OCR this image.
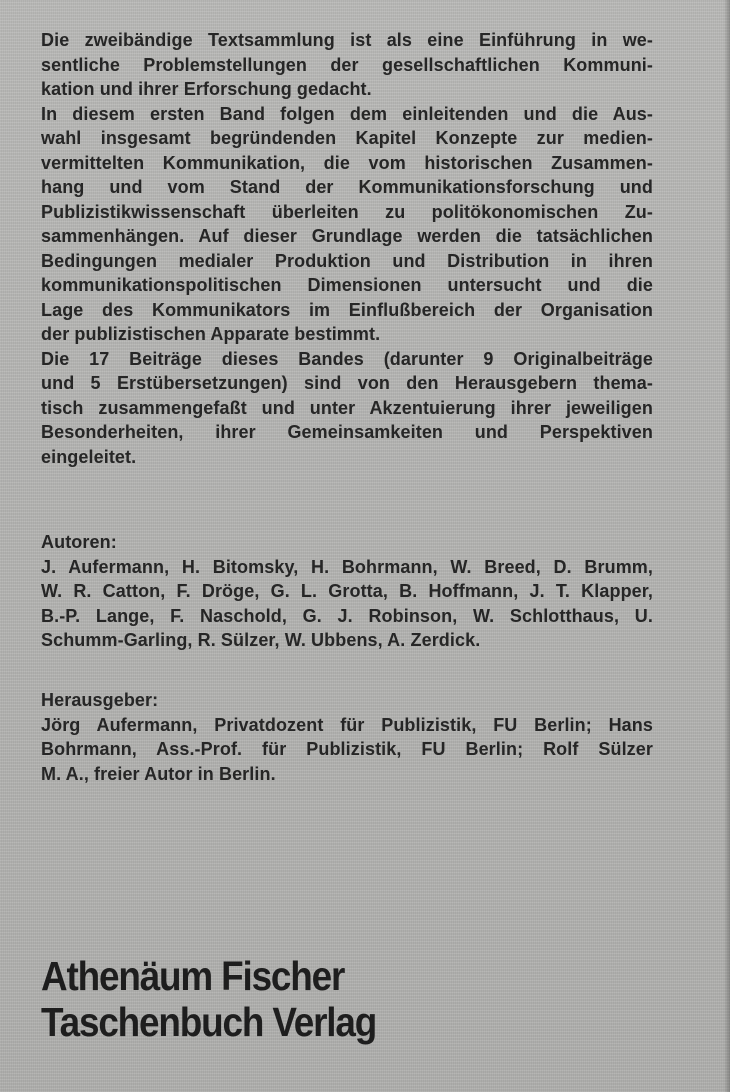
Die zweibändige Textsammlung ist als eine Einführung in we-
sentliche Problemstellungen der gesellschaftlichen Kommuni-
kation und ihrer Erforschung gedacht.
In diesem ersten Band folgen dem einleitenden und die Aus-
wahl insgesamt begründenden Kapitel Konzepte zur medien-
vermittelten Kommunikation, die vom historischen Zusammen-
hang und vom Stand der Kommunikationsforschung und
Publizistikwissenschaft überleiten zu politökonomischen Zu-
sammenhängen. Auf dieser Grundlage werden die tatsächlichen
Bedingungen medialer Produktion und Distribution in ihren
kommunikationspolitischen Dimensionen untersucht und die
Lage des Kommunikators im Einflußbereich der Organisation
der publizistischen Apparate bestimmt.
Die 17 Beiträge dieses Bandes (darunter 9 Originalbeiträge
und 5 Erstübersetzungen) sind von den Herausgebern thema-
tisch zusammengefaßt und unter Akzentuierung ihrer jeweiligen
Besonderheiten, ihrer Gemeinsamkeiten und Perspektiven
eingeleitet.
Autoren:
J. Aufermann, H. Bitomsky, H. Bohrmann, W. Breed, D. Brumm,
W. R. Catton, F. Dröge, G. L. Grotta, B. Hoffmann, J. T. Klapper,
B.-P. Lange, F. Naschold, G. J. Robinson, W. Schlotthaus, U.
Schumm-Garling, R. Sülzer, W. Ubbens, A. Zerdick.
Herausgeber:
Jörg Aufermann, Privatdozent für Publizistik, FU Berlin; Hans
Bohrmann, Ass.-Prof. für Publizistik, FU Berlin; Rolf Sülzer
M. A., freier Autor in Berlin.
Athenäum Fischer
Taschenbuch Verlag
